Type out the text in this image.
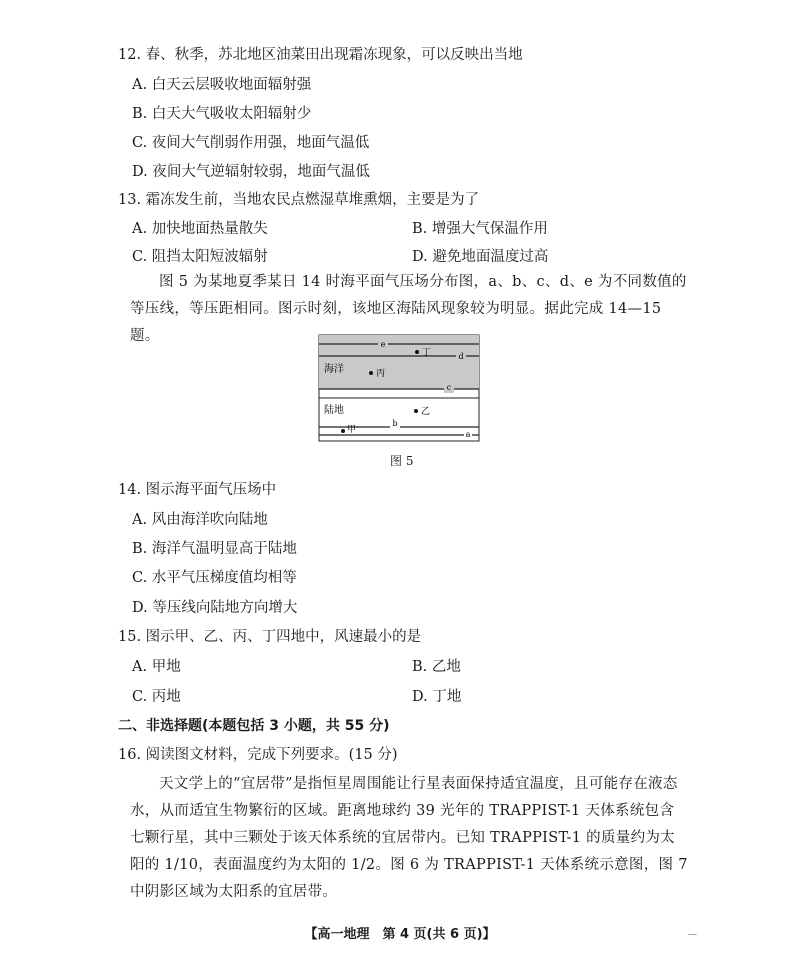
12. 春、秋季，苏北地区油菜田出现霜冻现象，可以反映出当地
A. 白天云层吸收地面辐射强
B. 白天大气吸收太阳辐射少
C. 夜间大气削弱作用强，地面气温低
D. 夜间大气逆辐射较弱，地面气温低
13. 霜冻发生前，当地农民点燃湿草堆熏烟，主要是为了
A. 加快地面热量散失	B. 增强大气保温作用
C. 阻挡太阳短波辐射	D. 避免地面温度过高

图 5 为某地夏季某日 14 时海平面气压场分布图，a、b、c、d、e 为不同数值的等压线，等压距相同。图示时刻，该地区海陆风现象较为明显。据此完成 14—15 题。

e
d
c
b
a
海洋
陆地
丁
丙
乙
甲
图 5
14. 图示海平面气压场中
A. 风由海洋吹向陆地
B. 海洋气温明显高于陆地
C. 水平气压梯度值均相等
D. 等压线向陆地方向增大
15. 图示甲、乙、丙、丁四地中，风速最小的是
A. 甲地	B. 乙地
C. 丙地	D. 丁地
二、非选择题(本题包括 3 小题，共 55 分)
16. 阅读图文材料，完成下列要求。(15 分)

天文学上的“宜居带”是指恒星周围能让行星表面保持适宜温度，且可能存在液态水，从而适宜生物繁衍的区域。距离地球约 39 光年的 TRAPPIST-1 天体系统包含七颗行星，其中三颗处于该天体系统的宜居带内。已知 TRAPPIST-1 的质量约为太阳的 1/10，表面温度约为太阳的 1/2。图 6 为 TRAPPIST-1 天体系统示意图，图 7 中阴影区域为太阳系的宜居带。

【高一地理　第 4 页(共 6 页)】	—
